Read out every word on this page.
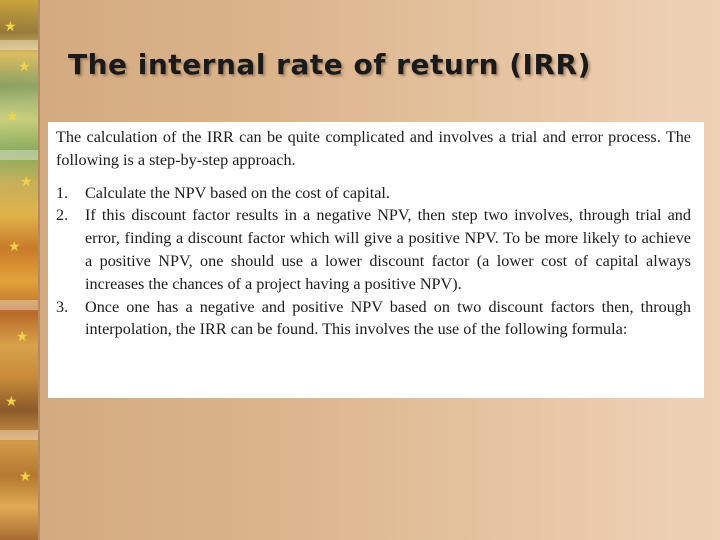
★
★
★
★
★
★
★
★
The internal rate of return (IRR)

The calculation of the IRR can be quite complicated and involves a trial and error process. The following is a step-by-step approach.

1. Calculate the NPV based on the cost of capital.
2. If this discount factor results in a negative NPV, then step two involves, through trial and error, finding a discount factor which will give a positive NPV. To be more likely to achieve a positive NPV, one should use a lower discount factor (a lower cost of capital always increases the chances of a project having a positive NPV).
3. Once one has a negative and positive NPV based on two discount factors then, through interpolation, the IRR can be found. This involves the use of the following formula:
